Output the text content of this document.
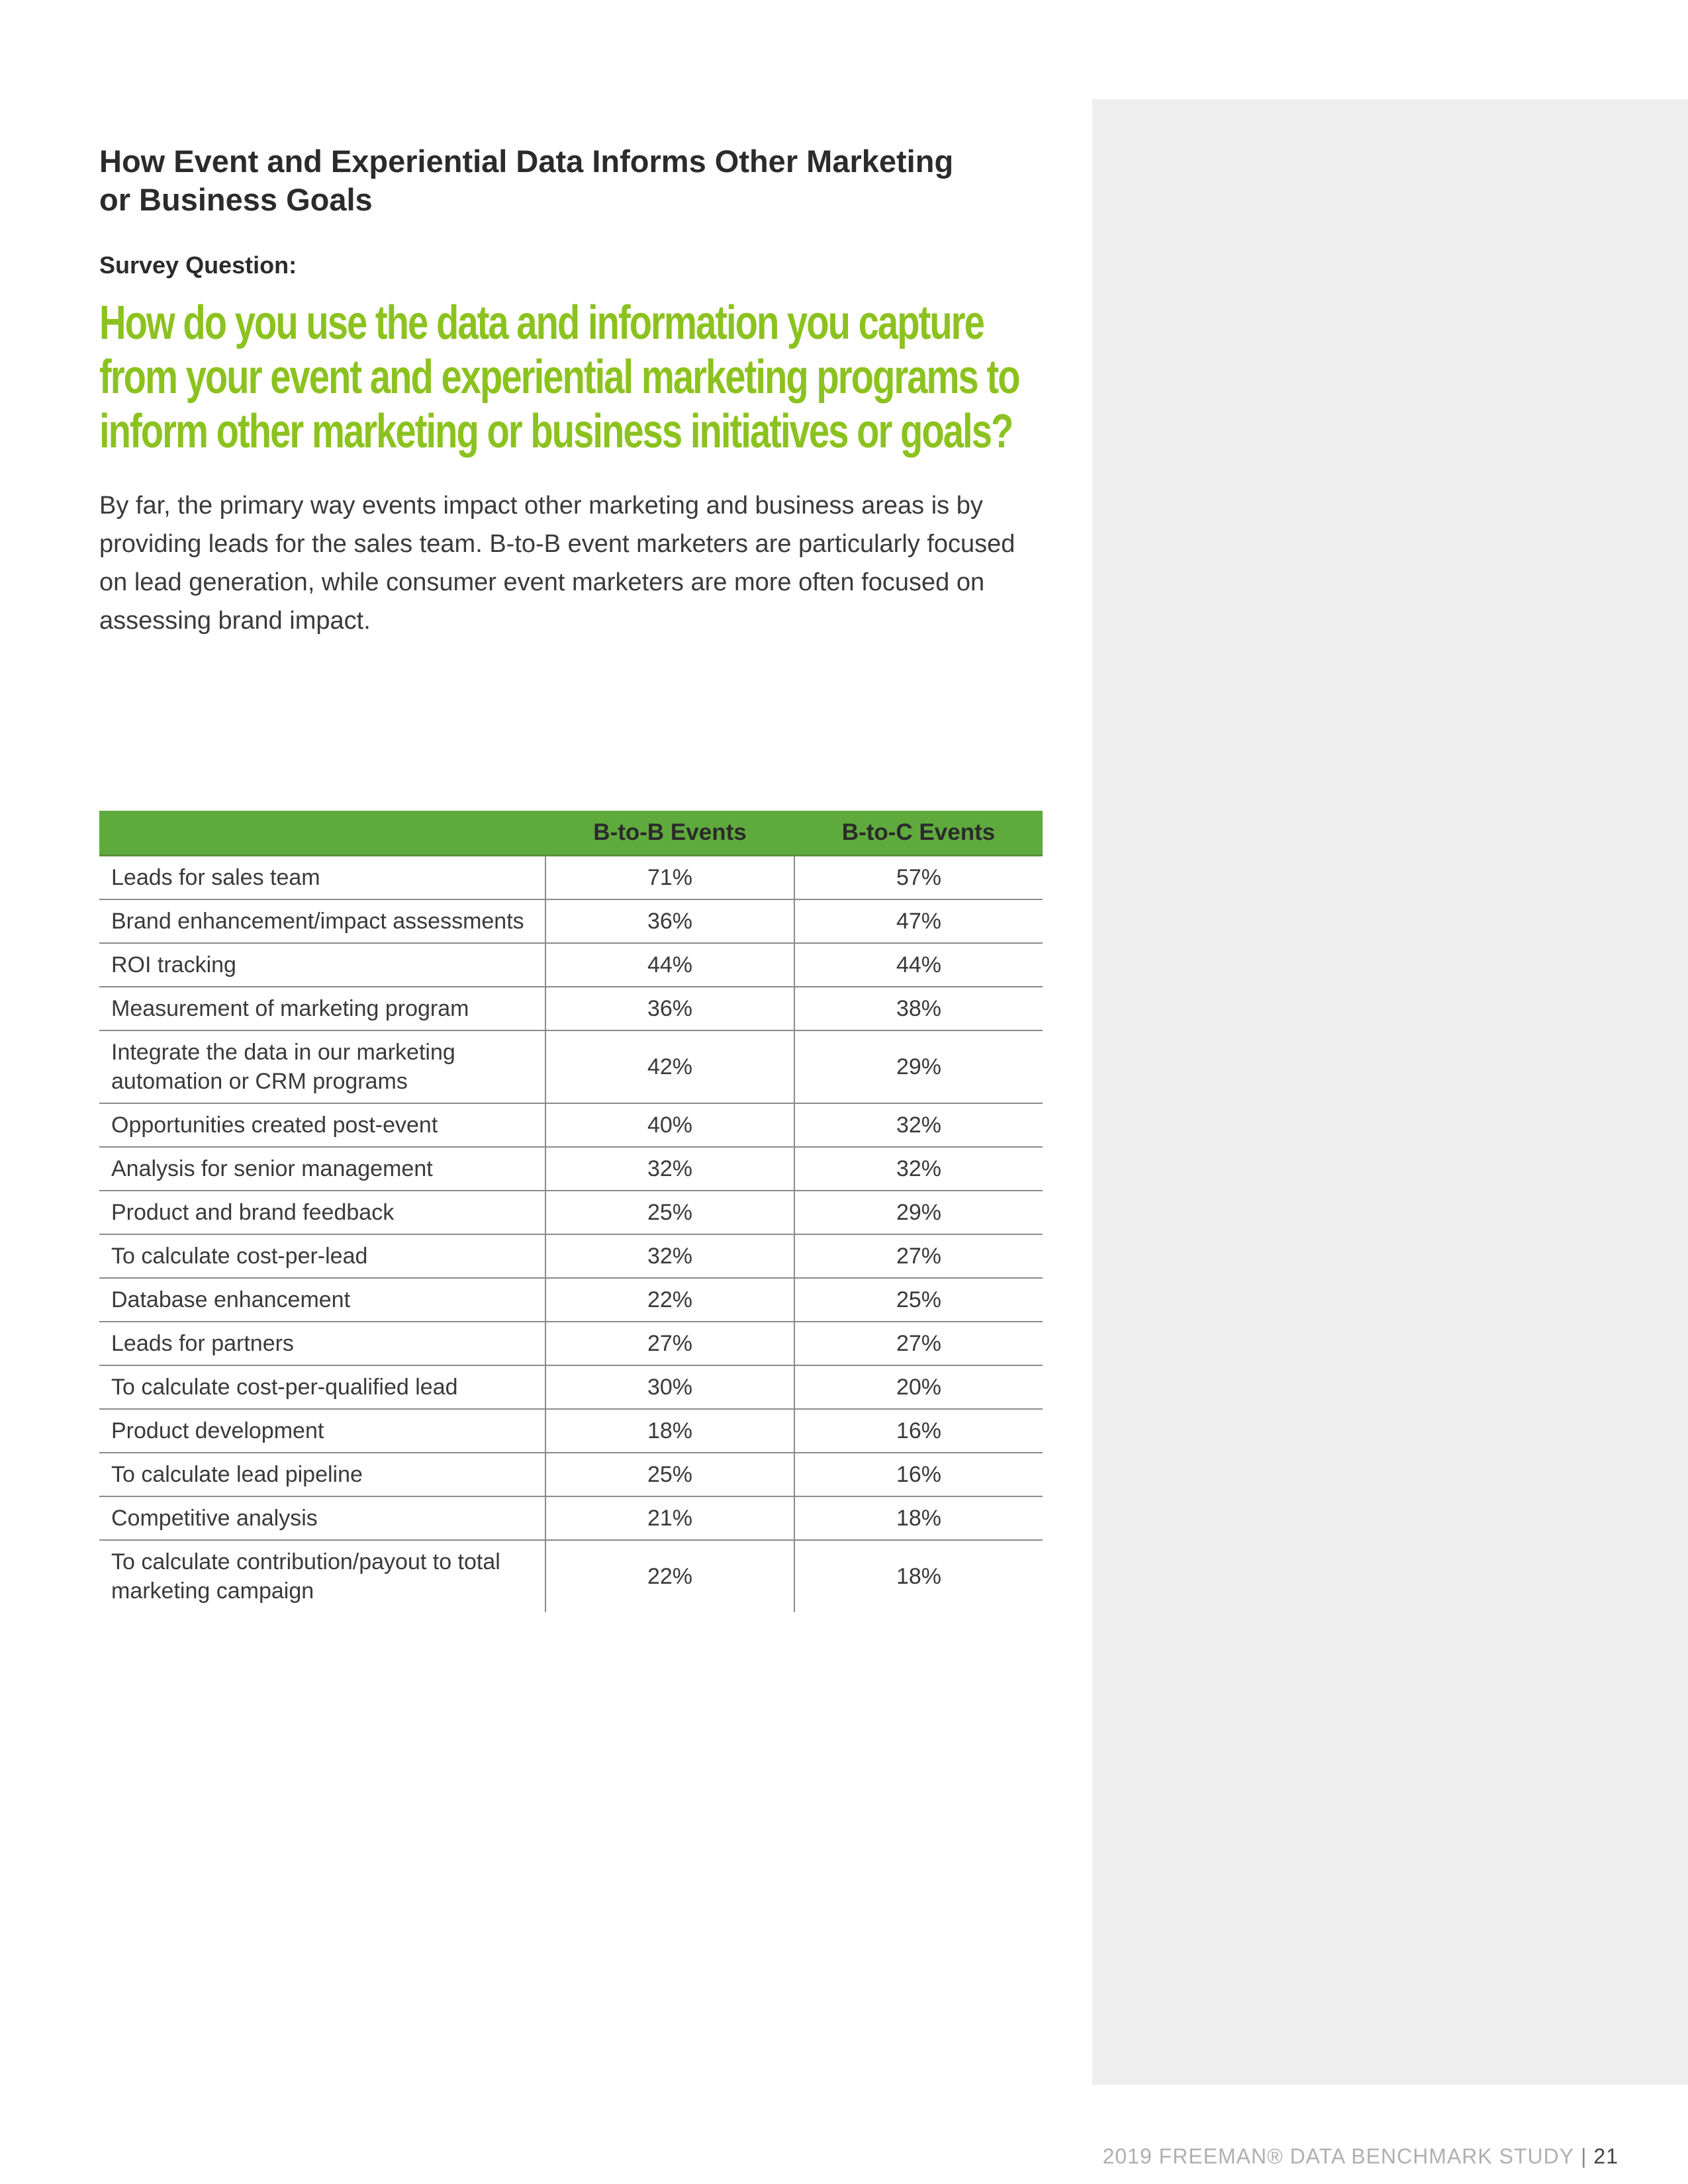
How Event and Experiential Data Informs Other Marketing or Business Goals

Survey Question:

How do you use the data and information you capture from your event and experiential marketing programs to inform other marketing or business initiatives or goals?

By far, the primary way events impact other marketing and business areas is by providing leads for the sales team. B-to-B event marketers are particularly focused on lead generation, while consumer event marketers are more often focused on assessing brand impact.

	B-to-B Events	B-to-C Events
Leads for sales team	71%	57%
Brand enhancement/impact assessments	36%	47%
ROI tracking	44%	44%
Measurement of marketing program	36%	38%
Integrate the data in our marketing automation or CRM programs	42%	29%
Opportunities created post-event	40%	32%
Analysis for senior management	32%	32%
Product and brand feedback	25%	29%
To calculate cost-per-lead	32%	27%
Database enhancement	22%	25%
Leads for partners	27%	27%
To calculate cost-per-qualified lead	30%	20%
Product development	18%	16%
To calculate lead pipeline	25%	16%
Competitive analysis	21%	18%
To calculate contribution/payout to total marketing campaign	22%	18%
2019 FREEMAN® DATA BENCHMARK STUDY | 21
